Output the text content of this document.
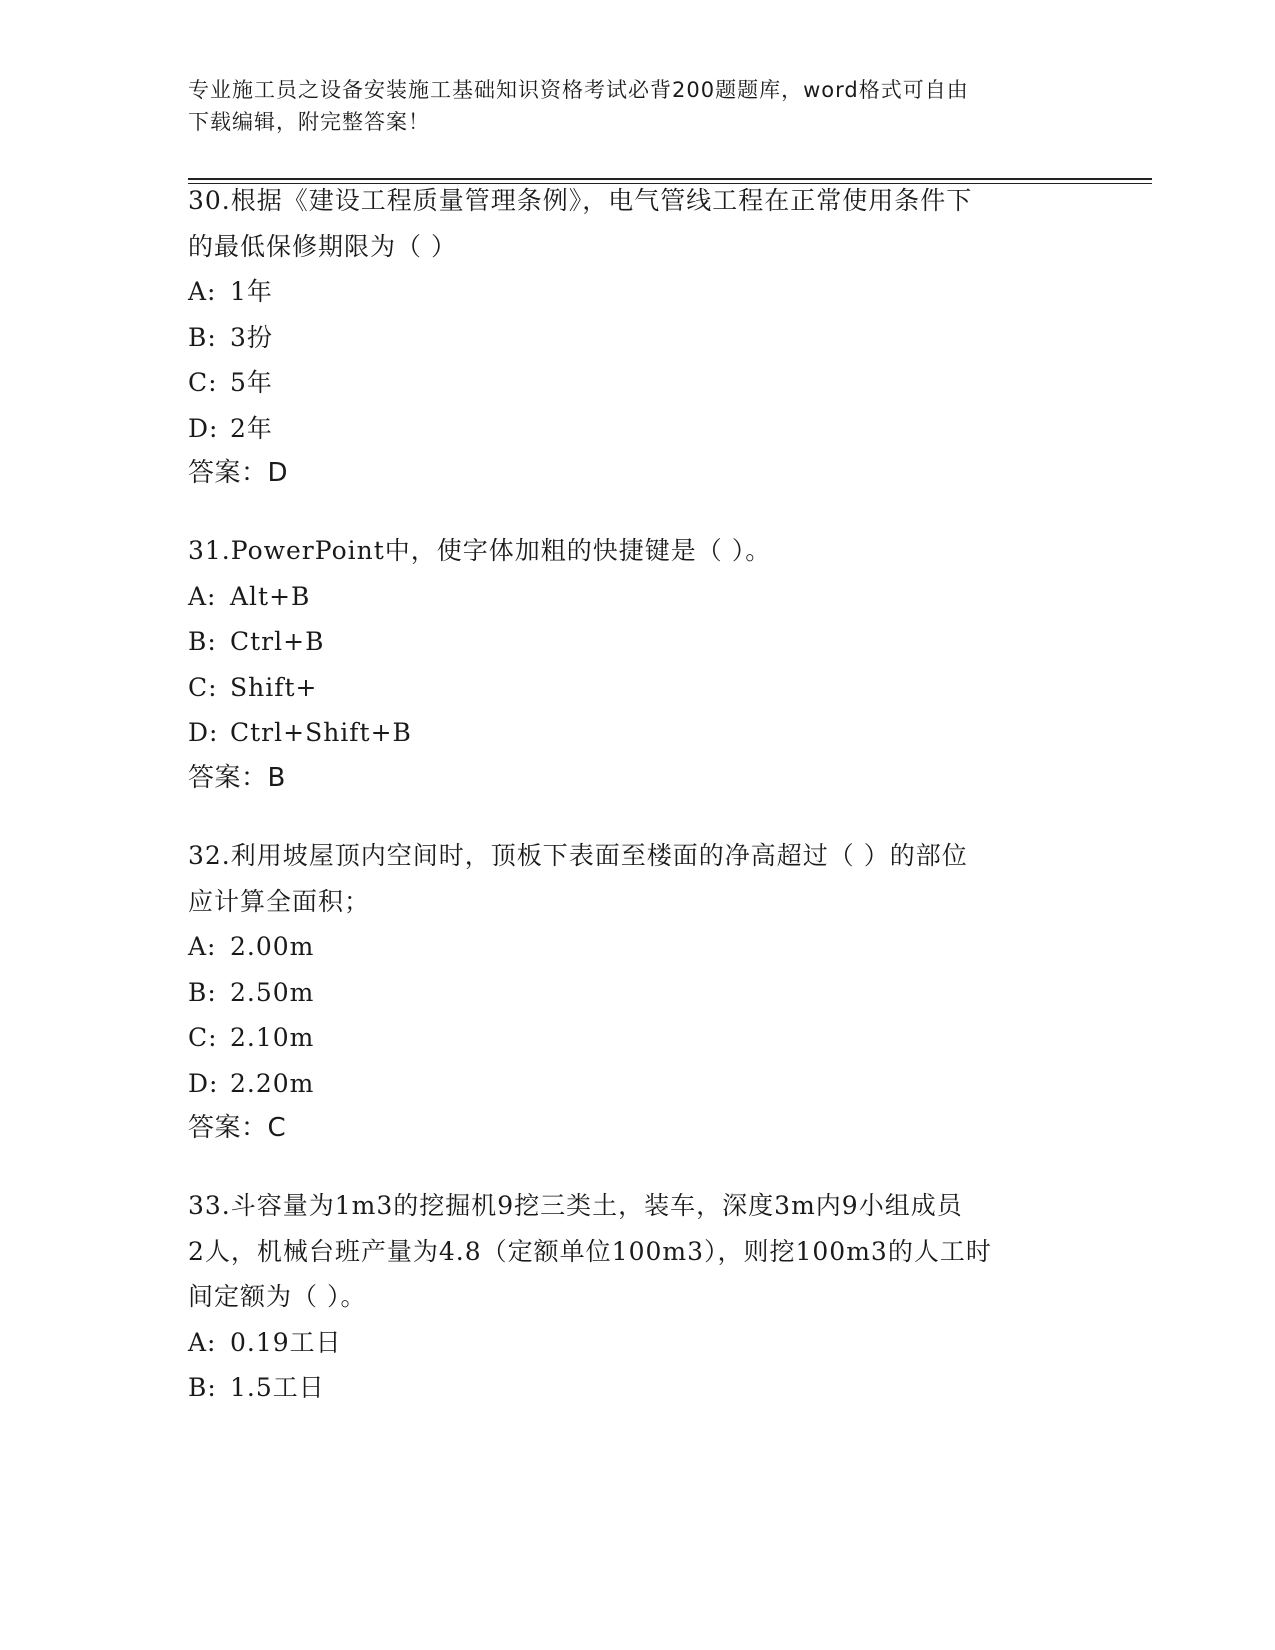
专业施工员之设备安装施工基础知识资格考试必背200题题库，word格式可自由
下载编辑，附完整答案！
30.根据《建设工程质量管理条例》，电气管线工程在正常使用条件下
的最低保修期限为（ ）
A: 1年
B: 3扮
C: 5年
D: 2年
答案：D
31.PowerPoint中，使字体加粗的快捷键是（ ）。
A: Alt+B
B: Ctrl+B
C: Shift+
D: Ctrl+Shift+B
答案：B
32.利用坡屋顶内空间时，顶板下表面至楼面的净高超过（ ）的部位
应计算全面积；
A: 2.00m
B: 2.50m
C: 2.10m
D: 2.20m
答案：C
33.斗容量为1m3的挖掘机9挖三类土，装车，深度3m内9小组成员
2人，机械台班产量为4.8（定额单位100m3），则挖100m3的人工时
间定额为（ ）。
A: 0.19工日
B: 1.5工日
